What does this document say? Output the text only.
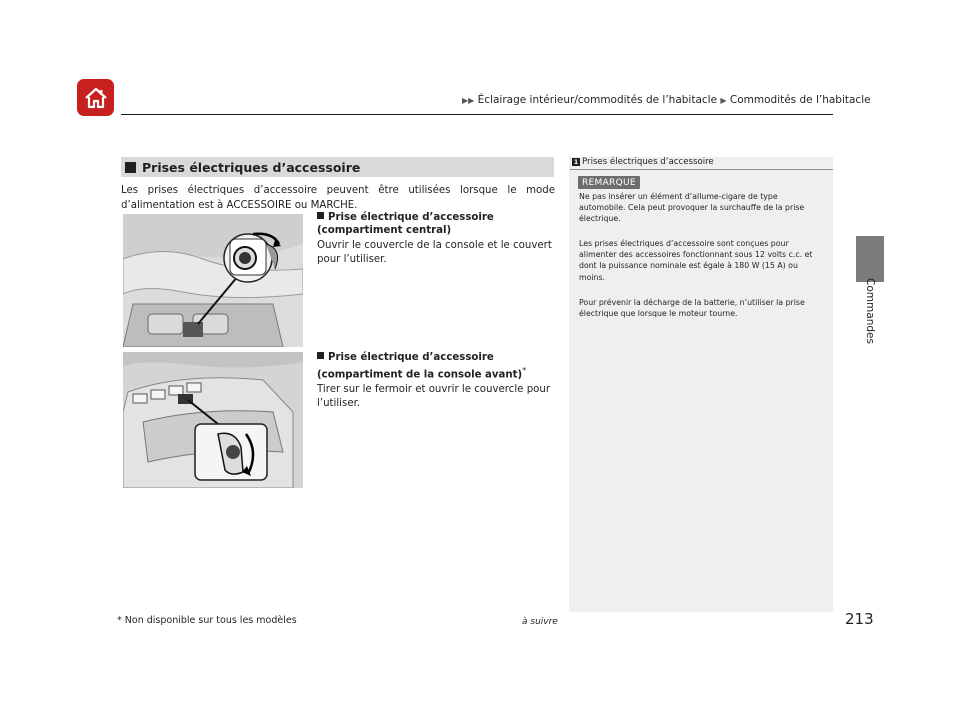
▶▶ Éclairage intérieur/commodités de l’habitacle ▶ Commodités de l’habitacle
Commandes
Prises électriques d’accessoire
Les prises électriques d’accessoire peuvent être utilisées lorsque le mode d’alimentation est à ACCESSOIRE ou MARCHE.
Prise électrique d’accessoire (compartiment central)
Ouvrir le couvercle de la console et le couvert pour l’utiliser.
Prise électrique d’accessoire (compartiment de la console avant)*
Tirer sur le fermoir et ouvrir le couvercle pour l’utiliser.
1 Prises électriques d’accessoire
REMARQUE
Ne pas insérer un élément d’allume-cigare de type automobile. Cela peut provoquer la surchauffe de la prise électrique.
Les prises électriques d’accessoire sont conçues pour alimenter des accessoires fonctionnant sous 12 volts c.c. et dont la puissance nominale est égale à 180 W (15 A) ou moins.
Pour prévenir la décharge de la batterie, n’utiliser la prise électrique que lorsque le moteur tourne.
* Non disponible sur tous les modèles	à suivre	213
